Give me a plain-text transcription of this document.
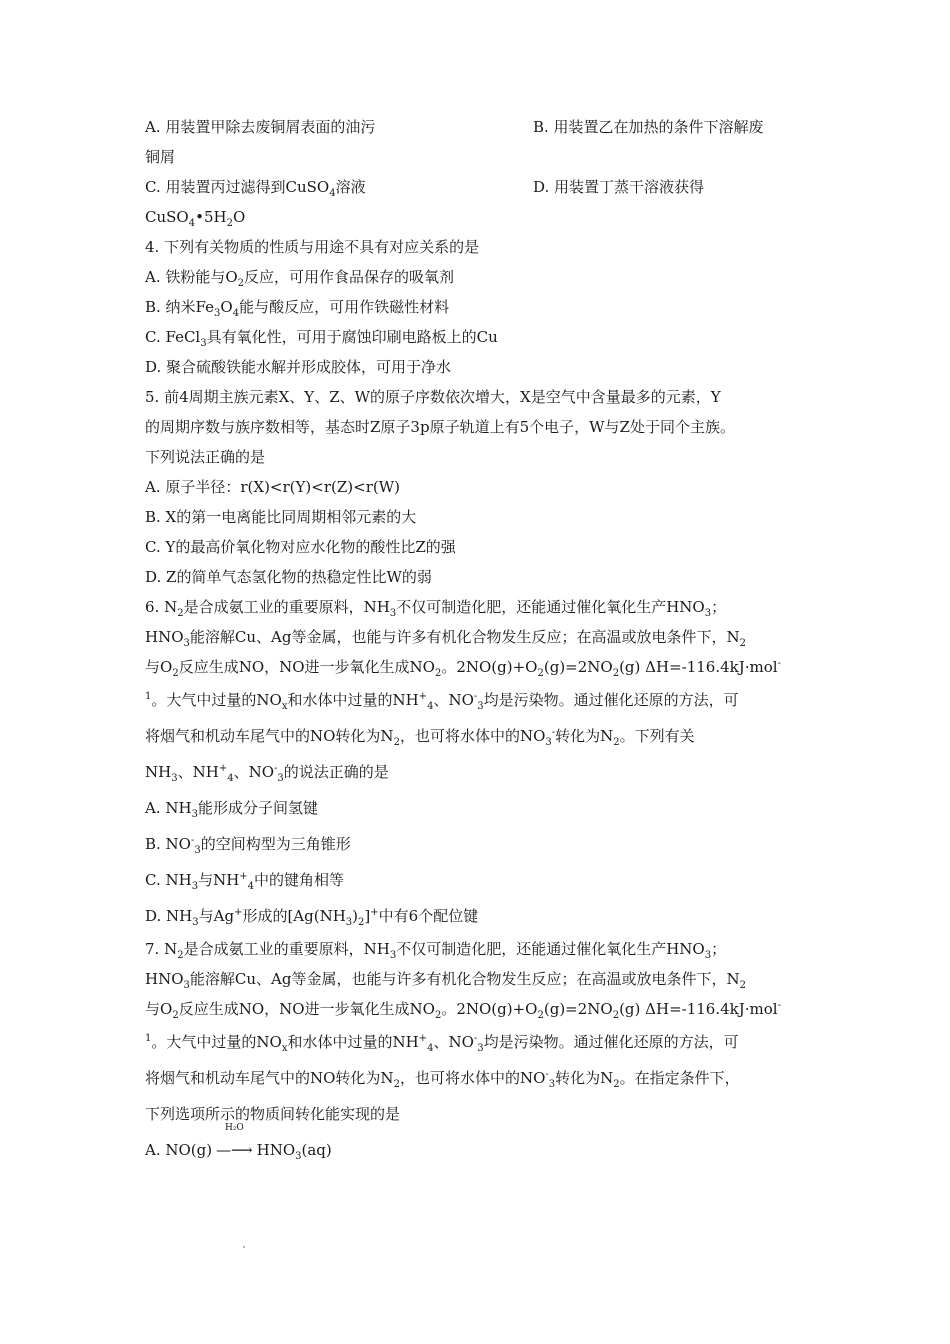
A. 用装置甲除去废铜屑表面的油污	B. 用装置乙在加热的条件下溶解废
铜屑
C. 用装置丙过滤得到CuSO$_4$溶液	D. 用装置丁蒸干溶液获得
$CuSO_4•5H_2O$
4. 下列有关物质的性质与用途不具有对应关系的是
A. 铁粉能与$O_2$反应，可用作食品保存的吸氧剂
B. 纳米$Fe_3O_4$能与酸反应，可用作铁磁性材料
C. FeCl$_3$具有氧化性，可用于腐蚀印刷电路板上的Cu
D. 聚合硫酸铁能水解并形成胶体，可用于净水
5. 前4周期主族元素X、Y、Z、W的原子序数依次增大，X是空气中含量最多的元素，Y
的周期序数与族序数相等，基态时Z原子3p原子轨道上有5个电子，W与Z处于同个主族。
下列说法正确的是
A. 原子半径：r(X)<r(Y)<r(Z)<r(W)
B. X的第一电离能比同周期相邻元素的大
C. Y的最高价氧化物对应水化物的酸性比Z的强
D. Z的简单气态氢化物的热稳定性比W的弱
6. $N_2$是合成氨工业的重要原料，$NH_3$不仅可制造化肥，还能通过催化氧化生产$HNO_3$；
$HNO_3$能溶解Cu、Ag等金属，也能与许多有机化合物发生反应；在高温或放电条件下，$N_2$
与$O_2$反应生成NO，NO进一步氧化生成$NO_2$。$2NO(g)+O_2(g)=2NO_2(g)$ ΔH=-116.4kJ·mol-
$^1$。大气中过量的$NO_x$和水体中过量的$NH^+_4$、$NO^-_3$均是污染物。通过催化还原的方法，可
将烟气和机动车尾气中的NO转化为$N_2$，也可将水体中的$NO_3^-$转化为$N_2$。下列有关
$NH_3$、$NH^+_4$、$NO^-_3$的说法正确的是
A. $NH_3$能形成分子间氢键
B. $NO^-_3$的空间构型为三角锥形
C. $NH_3$与$NH^+_4$中的键角相等
D. $NH_3$与Ag+形成的$[Ag(NH_3)_2]^+$中有6个配位键
7. $N_2$是合成氨工业的重要原料，$NH_3$不仅可制造化肥，还能通过催化氧化生产$HNO_3$；
$HNO_3$能溶解Cu、Ag等金属，也能与许多有机化合物发生反应；在高温或放电条件下，$N_2$
与$O_2$反应生成NO，NO进一步氧化生成$NO_2$。$2NO(g)+O_2(g)=2NO_2(g)$ ΔH=-116.4kJ·mol-
$^1$。大气中过量的$NO_x$和水体中过量的$NH^+_4$、$NO^-_3$均是污染物。通过催化还原的方法，可
将烟气和机动车尾气中的NO转化为$N_2$，也可将水体中的$NO^-_3$转化为$N_2$。在指定条件下，
下列选项所示的物质间转化能实现的是
A. NO(g)
H₂O
—⟶ $HNO_3(aq)$
